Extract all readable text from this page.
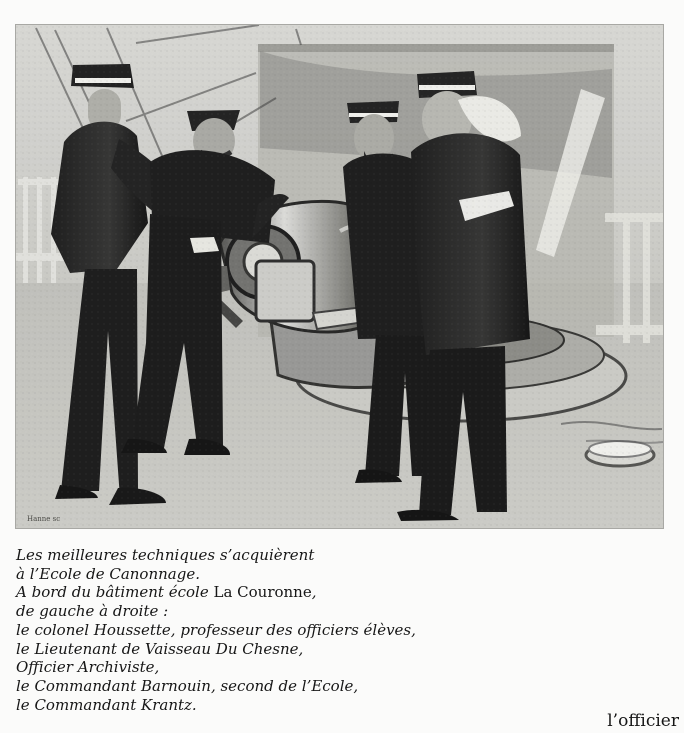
Hanne sc
Les meilleures techniques s’acquièrent
à l’Ecole de Canonnage.
A bord du bâtiment école La Couronne,
de gauche à droite :
le colonel Houssette, professeur des officiers élèves,
le Lieutenant de Vaisseau Du Chesne,
Officier Archiviste,
le Commandant Barnouin, second de l’Ecole,
le Commandant Krantz.
l’officier
